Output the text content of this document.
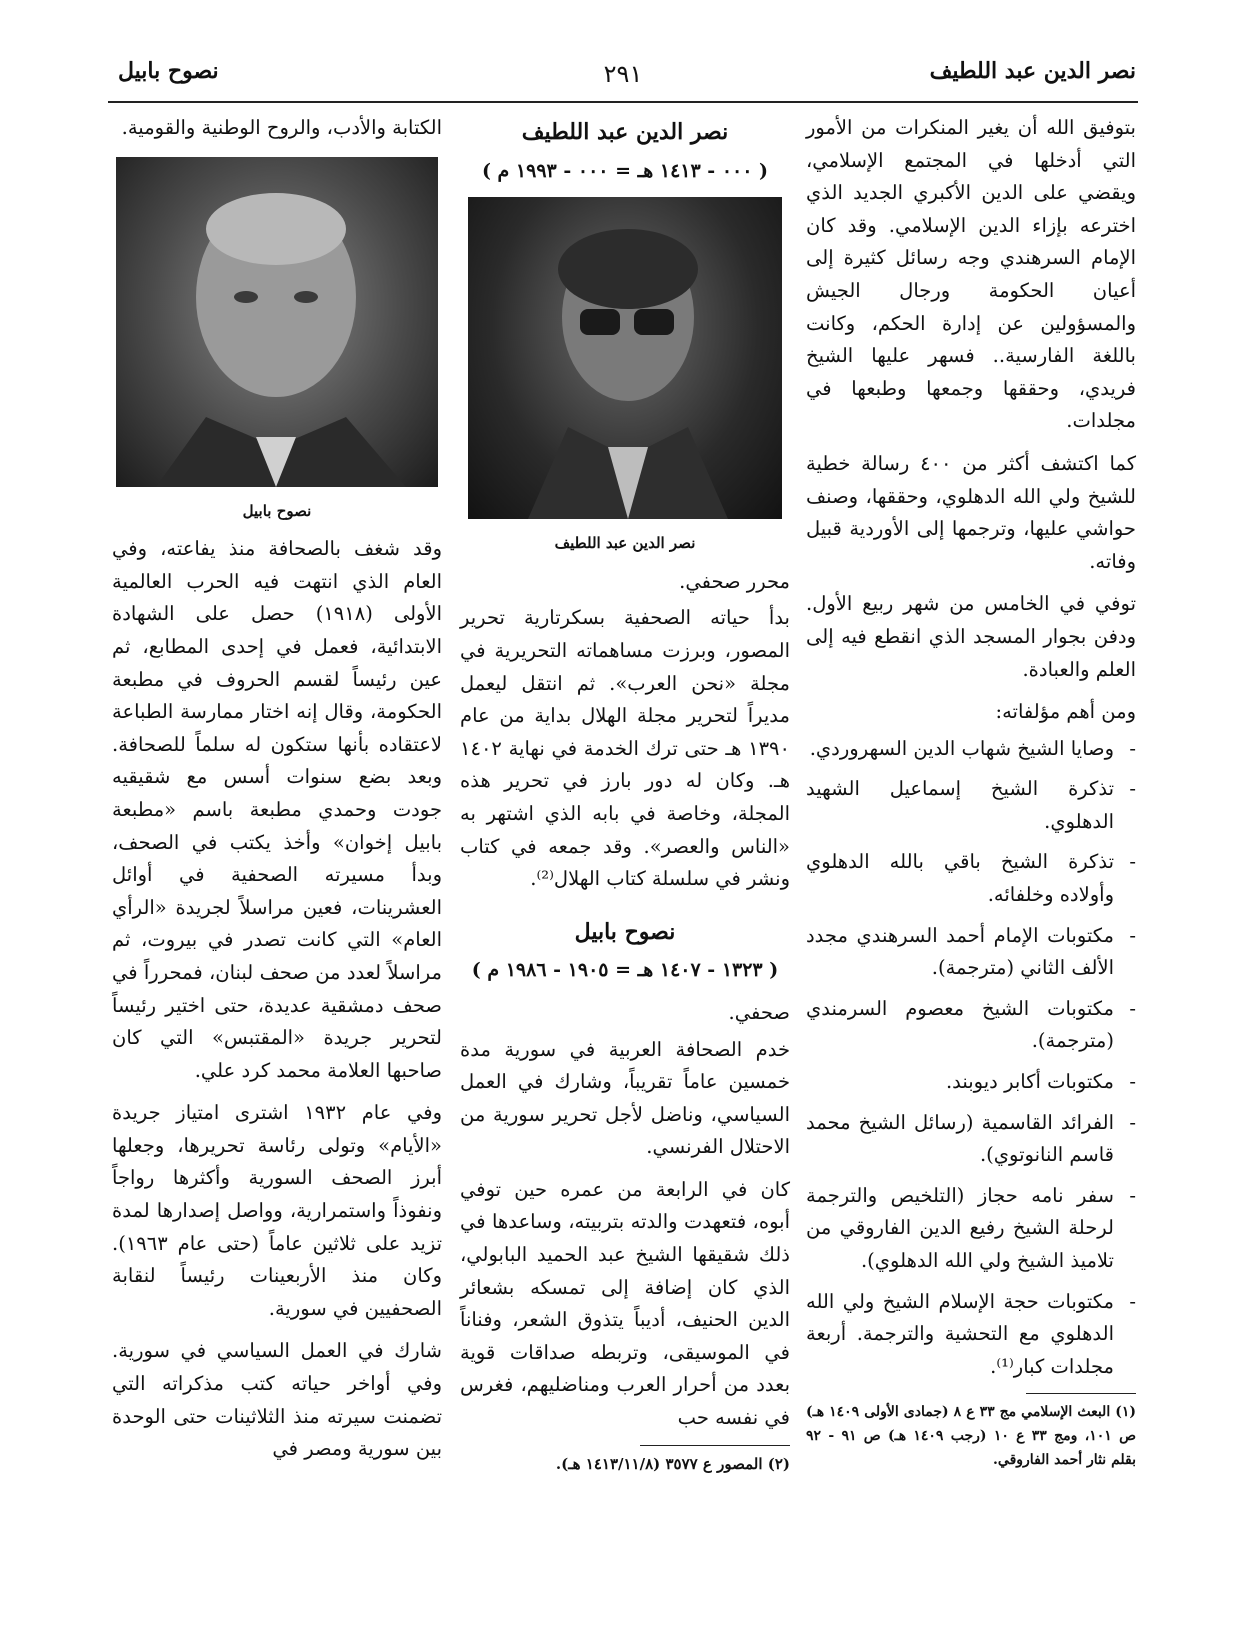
نصر الدين عبد اللطيف
٢٩١
نصوح بابيل

بتوفيق الله أن يغير المنكرات من الأمور التي أدخلها في المجتمع الإسلامي، ويقضي على الدين الأكبري الجديد الذي اخترعه بإزاء الدين الإسلامي. وقد كان الإمام السرهندي وجه رسائل كثيرة إلى أعيان الحكومة ورجال الجيش والمسؤولين عن إدارة الحكم، وكانت باللغة الفارسية.. فسهر عليها الشيخ فريدي، وحققها وجمعها وطبعها في مجلدات.

كما اكتشف أكثر من ٤٠٠ رسالة خطية للشيخ ولي الله الدهلوي، وحققها، وصنف حواشي عليها، وترجمها إلى الأوردية قبيل وفاته.

توفي في الخامس من شهر ربيع الأول. ودفن بجوار المسجد الذي انقطع فيه إلى العلم والعبادة.

ومن أهم مؤلفاته:

- وصايا الشيخ شهاب الدين السهروردي.
- تذكرة الشيخ إسماعيل الشهيد الدهلوي.
- تذكرة الشيخ باقي بالله الدهلوي وأولاده وخلفائه.
- مكتوبات الإمام أحمد السرهندي مجدد الألف الثاني (مترجمة).
- مكتوبات الشيخ معصوم السرمندي (مترجمة).
- مكتوبات أكابر ديوبند.
- الفرائد القاسمية (رسائل الشيخ محمد قاسم النانوتوي).
- سفر نامه حجاز (التلخيص والترجمة لرحلة الشيخ رفيع الدين الفاروقي من تلاميذ الشيخ ولي الله الدهلوي).
- مكتوبات حجة الإسلام الشيخ ولي الله الدهلوي مع التحشية والترجمة. أربعة مجلدات كبار⁽¹⁾.
(١) البعث الإسلامي مج ٣٣ ع ٨ (جمادى الأولى ١٤٠٩ هـ) ص ١٠١، ومج ٣٣ ع ١٠ (رجب ١٤٠٩ هـ) ص ٩١ - ٩٢ بقلم نثار أحمد الفاروقي.
نصر الدين عبد اللطيف
( ٠٠٠ - ١٤١٣ هـ = ٠٠٠ - ١٩٩٣ م )
نصر الدين عبد اللطيف

محرر صحفي.

بدأ حياته الصحفية بسكرتارية تحرير المصور، وبرزت مساهماته التحريرية في مجلة «نحن العرب». ثم انتقل ليعمل مديراً لتحرير مجلة الهلال بداية من عام ١٣٩٠ هـ حتى ترك الخدمة في نهاية ١٤٠٢ هـ. وكان له دور بارز في تحرير هذه المجلة، وخاصة في بابه الذي اشتهر به «الناس والعصر». وقد جمعه في كتاب ونشر في سلسلة كتاب الهلال⁽²⁾.

نصوح بابيل
( ١٣٢٣ - ١٤٠٧ هـ = ١٩٠٥ - ١٩٨٦ م )

صحفي.

خدم الصحافة العربية في سورية مدة خمسين عاماً تقريباً، وشارك في العمل السياسي، وناضل لأجل تحرير سورية من الاحتلال الفرنسي.

كان في الرابعة من عمره حين توفي أبوه، فتعهدت والدته بتربيته، وساعدها في ذلك شقيقها الشيخ عبد الحميد البابولي، الذي كان إضافة إلى تمسكه بشعائر الدين الحنيف، أديباً يتذوق الشعر، وفناناً في الموسيقى، وتربطه صداقات قوية بعدد من أحرار العرب ومناضليهم، فغرس في نفسه حب

(٢) المصور ع ٣٥٧٧ (١٤١٣/١١/٨ هـ).

الكتابة والأدب، والروح الوطنية والقومية.

نصوح بابيل

وقد شغف بالصحافة منذ يفاعته، وفي العام الذي انتهت فيه الحرب العالمية الأولى (١٩١٨) حصل على الشهادة الابتدائية، فعمل في إحدى المطابع، ثم عين رئيساً لقسم الحروف في مطبعة الحكومة، وقال إنه اختار ممارسة الطباعة لاعتقاده بأنها ستكون له سلماً للصحافة. وبعد بضع سنوات أسس مع شقيقيه جودت وحمدي مطبعة باسم «مطبعة بابيل إخوان» وأخذ يكتب في الصحف، وبدأ مسيرته الصحفية في أوائل العشرينات، فعين مراسلاً لجريدة «الرأي العام» التي كانت تصدر في بيروت، ثم مراسلاً لعدد من صحف لبنان، فمحرراً في صحف دمشقية عديدة، حتى اختير رئيساً لتحرير جريدة «المقتبس» التي كان صاحبها العلامة محمد كرد علي.

وفي عام ١٩٣٢ اشترى امتياز جريدة «الأيام» وتولى رئاسة تحريرها، وجعلها أبرز الصحف السورية وأكثرها رواجاً ونفوذاً واستمرارية، وواصل إصدارها لمدة تزيد على ثلاثين عاماً (حتى عام ١٩٦٣). وكان منذ الأربعينات رئيساً لنقابة الصحفيين في سورية.

شارك في العمل السياسي في سورية. وفي أواخر حياته كتب مذكراته التي تضمنت سيرته منذ الثلاثينات حتى الوحدة بين سورية ومصر في
